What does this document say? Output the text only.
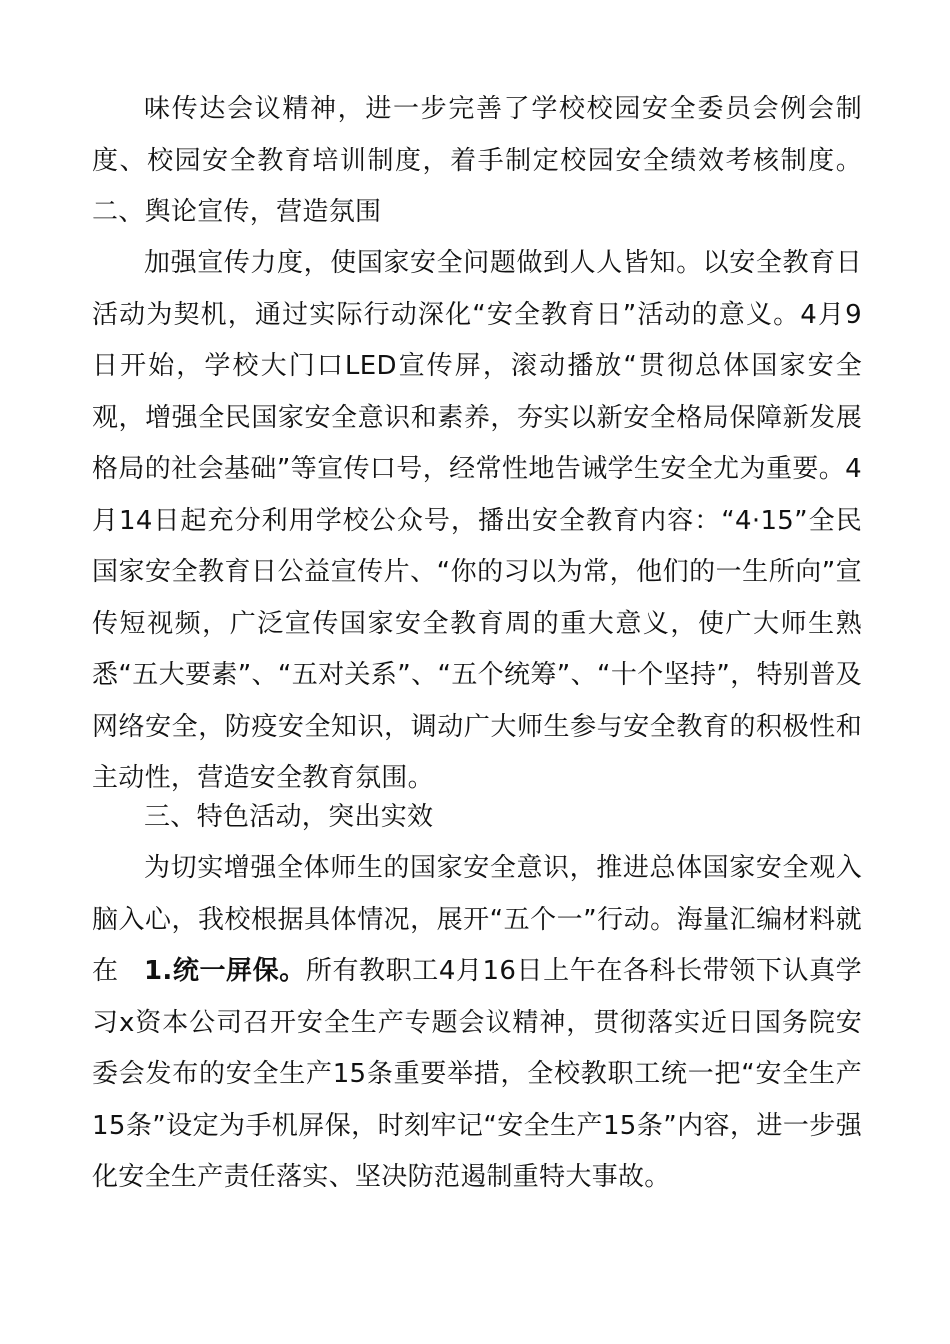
味传达会议精神，进一步完善了学校校园安全委员会例会制度、校园安全教育培训制度，着手制定校园安全绩效考核制度。二、舆论宣传，营造氛围

加强宣传力度，使国家安全问题做到人人皆知。以安全教育日活动为契机，通过实际行动深化“安全教育日”活动的意义。4月9日开始，学校大门口LED宣传屏，滚动播放“贯彻总体国家安全观，增强全民国家安全意识和素养，夯实以新安全格局保障新发展格局的社会基础”等宣传口号，经常性地告诫学生安全尤为重要。4月14日起充分利用学校公众号，播出安全教育内容：“4·15”全民国家安全教育日公益宣传片、“你的习以为常，他们的一生所向”宣传短视频，广泛宣传国家安全教育周的重大意义，使广大师生熟悉“五大要素”、“五对关系”、“五个统筹”、“十个坚持”，特别普及网络安全，防疫安全知识，调动广大师生参与安全教育的积极性和主动性，营造安全教育氛围。

三、特色活动，突出实效

为切实增强全体师生的国家安全意识，推进总体国家安全观入脑入心，我校根据具体情况，展开“五个一”行动。海量汇编材料就在 1.统一屏保。所有教职工4月16日上午在各科长带领下认真学习x资本公司召开安全生产专题会议精神，贯彻落实近日国务院安委会发布的安全生产15条重要举措，全校教职工统一把“安全生产15条”设定为手机屏保，时刻牢记“安全生产15条”内容，进一步强化安全生产责任落实、坚决防范遏制重特大事故。
